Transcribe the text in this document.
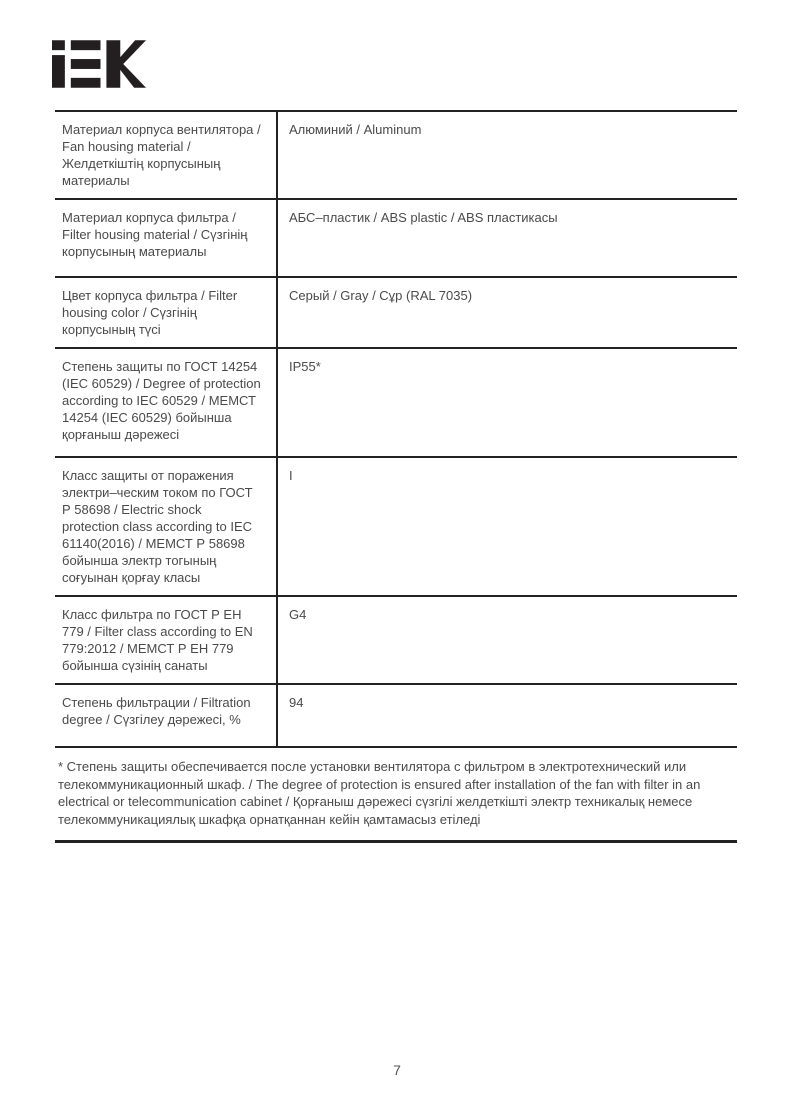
Материал корпуса вентилятора / Fan housing material / Желдеткіштің корпусының материалы
Алюминий / Aluminum
Материал корпуса фильтра / Filter housing material / Сүзгінің корпусының материалы
АБС–пластик / ABS plastic / ABS пластикасы
Цвет корпуса фильтра / Filter housing color / Сүзгінің корпусының түсі
Серый / Gray / Сұр (RAL 7035)
Степень защиты по ГОСТ 14254 (IEC 60529) / Degree of protection according to IEC 60529 / МЕМСТ 14254 (IEC 60529) бойынша қорғаныш дәрежесі
IP55*
Класс защиты от поражения электри–ческим током по ГОСТ Р 58698 / Electric shock protection class according to IEC 61140(2016) / МЕМСТ Р 58698 бойынша электр тогының соғуынан қорғау класы
I
Класс фильтра по ГОСТ Р ЕН 779 / Filter class according to EN 779:2012 / МЕМСТ Р ЕН 779 бойынша сүзінің санаты
G4
Степень фильтрации / Filtration degree / Сүзгілеу дәрежесі, %
94
* Степень защиты обеспечивается после установки вентилятора с фильтром в электротехнический или телекоммуникационный шкаф. / The degree of protection is ensured after installation of the fan with filter in an electrical or telecommunication cabinet / Қорғаныш дәрежесі сүзгілі желдеткішті электр техникалық немесе телекоммуникациялық шкафқа орнатқаннан кейін қамтамасыз етіледі
7
